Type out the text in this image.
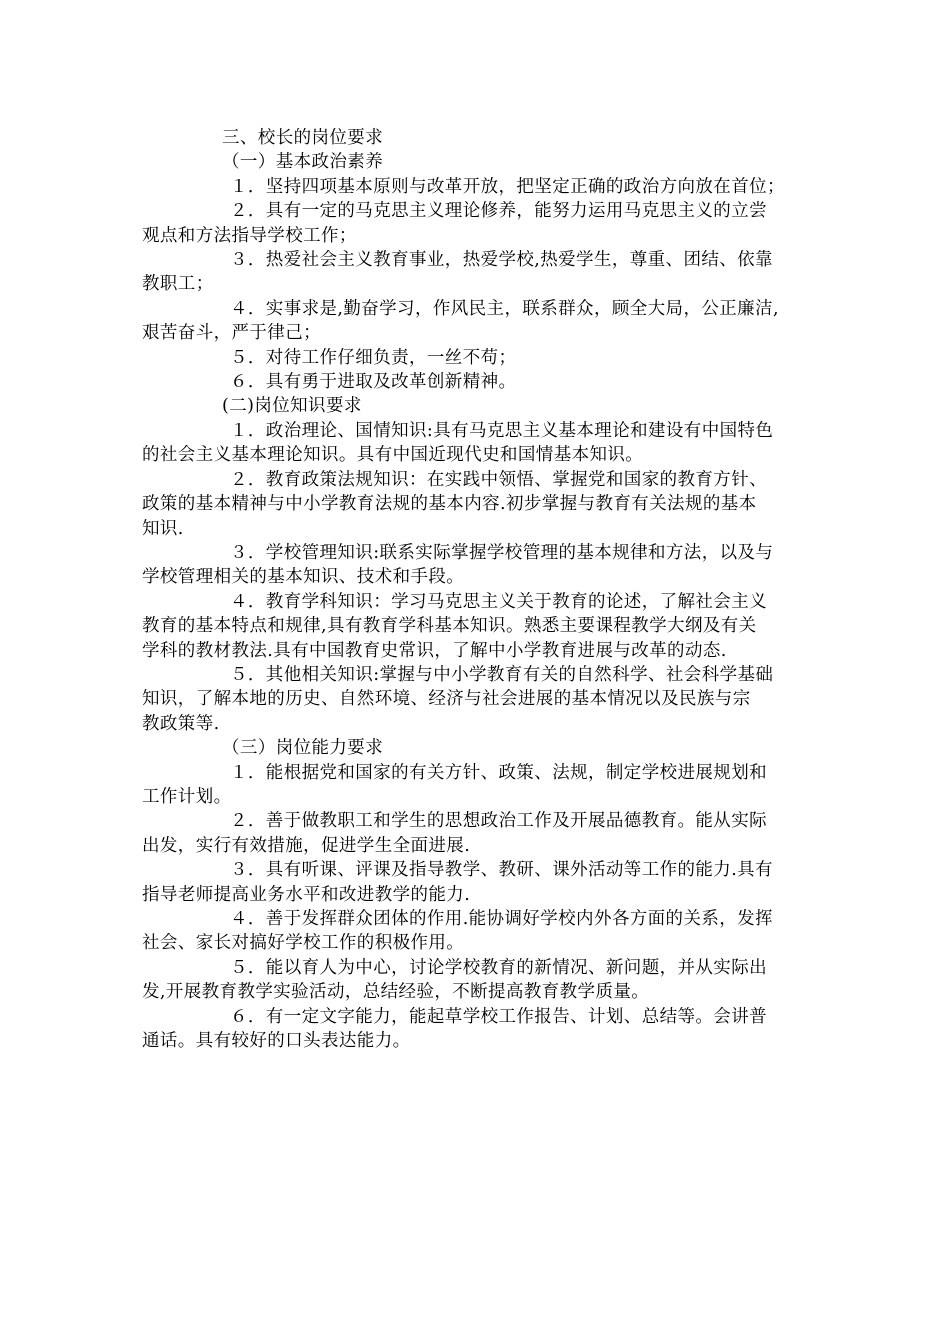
三、校长的岗位要求

（一）基本政治素养

１．坚持四项基本原则与改革开放，把坚定正确的政治方向放在首位；

２．具有一定的马克思主义理论修养，能努力运用马克思主义的立尝

观点和方法指导学校工作；

３．热爱社会主义教育事业，热爱学校,热爱学生，尊重、团结、依靠

教职工；

４．实事求是,勤奋学习，作风民主，联系群众，顾全大局，公正廉洁,

艰苦奋斗，严于律己；

５．对待工作仔细负责，一丝不苟；

６．具有勇于进取及改革创新精神。

(二)岗位知识要求

１．政治理论、国情知识:具有马克思主义基本理论和建设有中国特色

的社会主义基本理论知识。具有中国近现代史和国情基本知识。

２．教育政策法规知识：在实践中领悟、掌握党和国家的教育方针、

政策的基本精神与中小学教育法规的基本内容.初步掌握与教育有关法规的基本

知识.

３．学校管理知识:联系实际掌握学校管理的基本规律和方法，以及与

学校管理相关的基本知识、技术和手段。

４．教育学科知识：学习马克思主义关于教育的论述，了解社会主义

教育的基本特点和规律,具有教育学科基本知识。熟悉主要课程教学大纲及有关

学科的教材教法.具有中国教育史常识，了解中小学教育进展与改革的动态.

５．其他相关知识:掌握与中小学教育有关的自然科学、社会科学基础

知识，了解本地的历史、自然环境、经济与社会进展的基本情况以及民族与宗

教政策等.

（三）岗位能力要求

１．能根据党和国家的有关方针、政策、法规，制定学校进展规划和

工作计划。

２．善于做教职工和学生的思想政治工作及开展品德教育。能从实际

出发，实行有效措施，促进学生全面进展.

３．具有听课、评课及指导教学、教研、课外活动等工作的能力.具有

指导老师提高业务水平和改进教学的能力.

４．善于发挥群众团体的作用.能协调好学校内外各方面的关系，发挥

社会、家长对搞好学校工作的积极作用。

５．能以育人为中心，讨论学校教育的新情况、新问题，并从实际出

发,开展教育教学实验活动，总结经验，不断提高教育教学质量。

６．有一定文字能力，能起草学校工作报告、计划、总结等。会讲普

通话。具有较好的口头表达能力。
